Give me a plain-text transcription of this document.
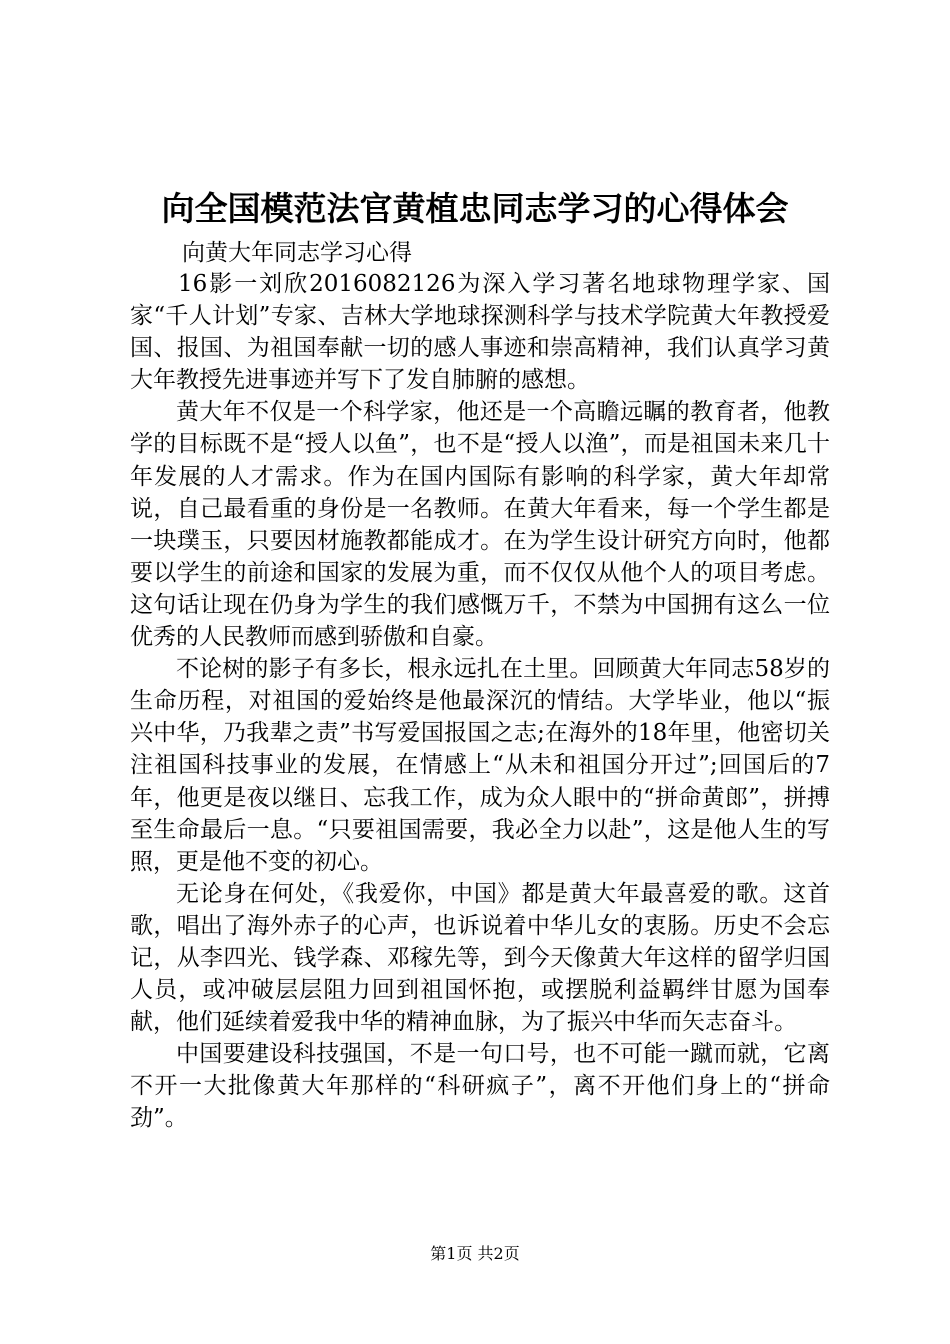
向全国模范法官黄植忠同志学习的心得体会

向黄大年同志学习心得

16影一刘欣2016082126为深入学习著名地球物理学家、国家“千人计划”专家、吉林大学地球探测科学与技术学院黄大年教授爱国、报国、为祖国奉献一切的感人事迹和崇高精神，我们认真学习黄大年教授先进事迹并写下了发自肺腑的感想。

黄大年不仅是一个科学家，他还是一个高瞻远瞩的教育者，他教学的目标既不是“授人以鱼”，也不是“授人以渔”，而是祖国未来几十年发展的人才需求。作为在国内国际有影响的科学家，黄大年却常说，自己最看重的身份是一名教师。在黄大年看来，每一个学生都是一块璞玉，只要因材施教都能成才。在为学生设计研究方向时，他都要以学生的前途和国家的发展为重，而不仅仅从他个人的项目考虑。这句话让现在仍身为学生的我们感慨万千，不禁为中国拥有这么一位优秀的人民教师而感到骄傲和自豪。

不论树的影子有多长，根永远扎在土里。回顾黄大年同志58岁的生命历程，对祖国的爱始终是他最深沉的情结。大学毕业，他以“振兴中华，乃我辈之责”书写爱国报国之志;在海外的18年里，他密切关注祖国科技事业的发展，在情感上“从未和祖国分开过”;回国后的7年，他更是夜以继日、忘我工作，成为众人眼中的“拼命黄郎”，拼搏至生命最后一息。“只要祖国需要，我必全力以赴”，这是他人生的写照，更是他不变的初心。

无论身在何处，《我爱你，中国》都是黄大年最喜爱的歌。这首歌，唱出了海外赤子的心声，也诉说着中华儿女的衷肠。历史不会忘记，从李四光、钱学森、邓稼先等，到今天像黄大年这样的留学归国人员，或冲破层层阻力回到祖国怀抱，或摆脱利益羁绊甘愿为国奉献，他们延续着爱我中华的精神血脉，为了振兴中华而矢志奋斗。

中国要建设科技强国，不是一句口号，也不可能一蹴而就，它离不开一大批像黄大年那样的“科研疯子”，离不开他们身上的“拼命劲”。

第1页 共2页
